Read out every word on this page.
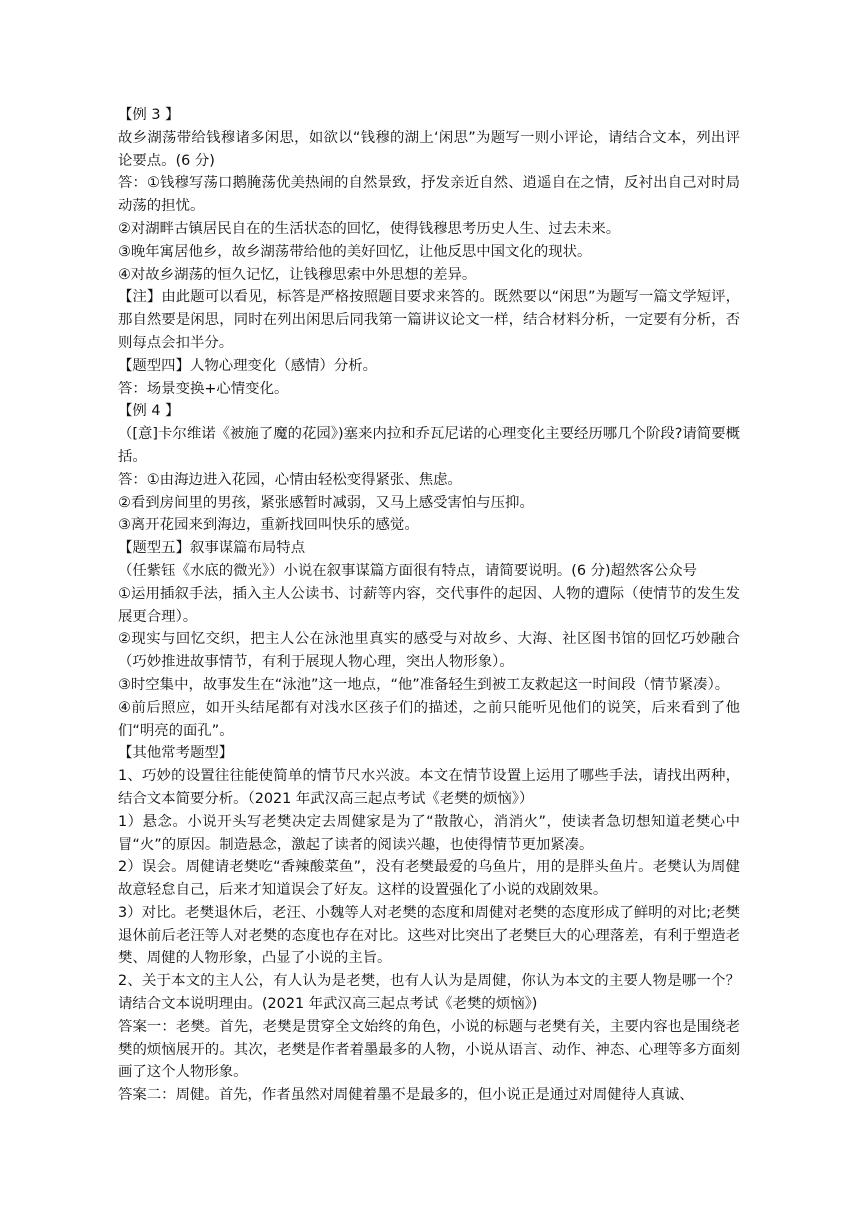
【例 3 】

故乡湖荡带给钱穆诸多闲思，如欲以“钱穆的湖上‘闲思”为题写一则小评论，请结合文本，列出评论要点。(6 分)

答：①钱穆写荡口鹅腌荡优美热闹的自然景致，抒发亲近自然、逍遥自在之情，反衬出自己对时局动荡的担忧。

②对湖畔古镇居民自在的生活状态的回忆，使得钱穆思考历史人生、过去未来。

③晚年寓居他乡，故乡湖荡带给他的美好回忆，让他反思中国文化的现状。

④对故乡湖荡的恒久记忆，让钱穆思索中外思想的差异。

【注】由此题可以看见，标答是严格按照题目要求来答的。既然要以“闲思”为题写一篇文学短评，那自然要是闲思，同时在列出闲思后同我第一篇讲议论文一样，结合材料分析，一定要有分析，否则每点会扣半分。

【题型四】人物心理变化（感情）分析。

答：场景变换+心情变化。

【例 4 】

（[意]卡尔维诺《被施了魔的花园》)塞来内拉和乔瓦尼诺的心理变化主要经历哪几个阶段?请简要概括。

答：①由海边进入花园，心情由轻松变得紧张、焦虑。

②看到房间里的男孩，紧张感暂时减弱，又马上感受害怕与压抑。

③离开花园来到海边，重新找回叫快乐的感觉。

【题型五】叙事谋篇布局特点

（任紫钰《水底的微光》）小说在叙事谋篇方面很有特点，请简要说明。(6 分)超然客公众号

①运用插叙手法，插入主人公读书、讨薪等内容，交代事件的起因、人物的遭际（使情节的发生发展更合理）。

②现实与回忆交织，把主人公在泳池里真实的感受与对故乡、大海、社区图书馆的回忆巧妙融合（巧妙推进故事情节，有利于展现人物心理，突出人物形象）。

③时空集中，故事发生在“泳池”这一地点，“他”准备轻生到被工友救起这一时间段（情节紧凑）。

④前后照应，如开头结尾都有对浅水区孩子们的描述，之前只能听见他们的说笑，后来看到了他们“明亮的面孔”。

【其他常考题型】

1、巧妙的设置往往能使简单的情节尺水兴波。本文在情节设置上运用了哪些手法，请找出两种，结合文本简要分析。（2021 年武汉高三起点考试《老樊的烦恼》）

1）悬念。小说开头写老樊决定去周健家是为了“散散心，消消火”，使读者急切想知道老樊心中冒“火”的原因。制造悬念，激起了读者的阅读兴趣，也使得情节更加紧凑。

2）误会。周健请老樊吃“香辣酸菜鱼”，没有老樊最爱的乌鱼片，用的是胖头鱼片。老樊认为周健故意轻怠自己，后来才知道误会了好友。这样的设置强化了小说的戏剧效果。

3）对比。老樊退休后，老汪、小魏等人对老樊的态度和周健对老樊的态度形成了鲜明的对比;老樊退休前后老汪等人对老樊的态度也存在对比。这些对比突出了老樊巨大的心理落差，有利于塑造老樊、周健的人物形象，凸显了小说的主旨。

2、关于本文的主人公，有人认为是老樊，也有人认为是周健，你认为本文的主要人物是哪一个？请结合文本说明理由。(2021 年武汉高三起点考试《老樊的烦恼》)

答案一：老樊。首先，老樊是贯穿全文始终的角色，小说的标题与老樊有关，主要内容也是围绕老樊的烦恼展开的。其次，老樊是作者着墨最多的人物，小说从语言、动作、神态、心理等多方面刻画了这个人物形象。

答案二：周健。首先，作者虽然对周健着墨不是最多的，但小说正是通过对周健待人真诚、
